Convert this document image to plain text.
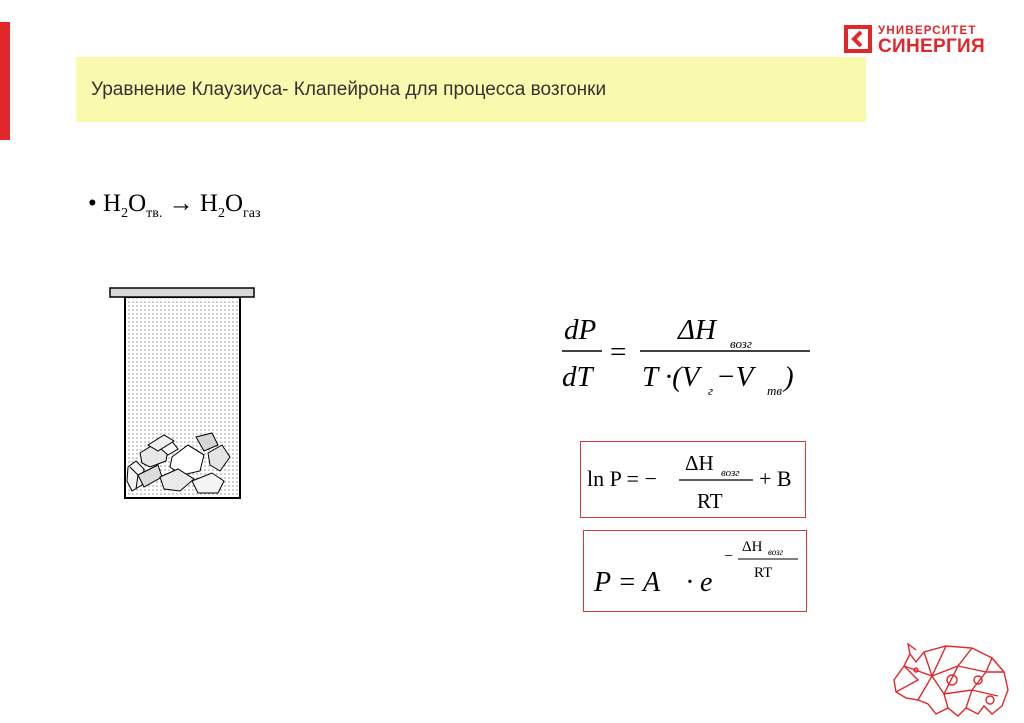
УНИВЕРСИТЕТ
СИНЕРГИЯ
Уравнение Клаузиуса- Клапейрона для процесса возгонки
• $H_2O_{тв.} \to H_2O_{газ}$
dP
dT
=
ΔH возг
T ·(V г −V тв )
ln P = −
ΔH возг
RT
+ B
P = A · e
−
ΔH возг
RT
